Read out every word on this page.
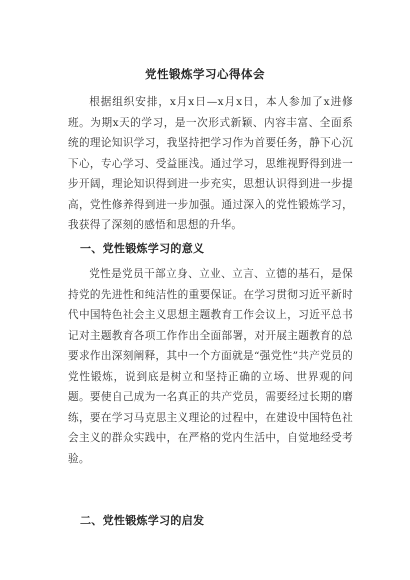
党性锻炼学习心得体会
根据组织安排，x月x日—x月x日，本人参加了x进修班。为期x天的学习，是一次形式新颖、内容丰富、全面系统的理论知识学习，我坚持把学习作为首要任务，静下心沉下心，专心学习、受益匪浅。通过学习，思维视野得到进一步开阔，理论知识得到进一步充实，思想认识得到进一步提高，党性修养得到进一步加强。通过深入的党性锻炼学习，我获得了深刻的感悟和思想的升华。
一、党性锻炼学习的意义
党性是党员干部立身、立业、立言、立德的基石，是保持党的先进性和纯洁性的重要保证。在学习贯彻习近平新时代中国特色社会主义思想主题教育工作会议上，习近平总书记对主题教育各项工作作出全面部署，对开展主题教育的总要求作出深刻阐释，其中一个方面就是“强党性”共产党员的党性锻炼，说到底是树立和坚持正确的立场、世界观的问题。要使自己成为一名真正的共产党员，需要经过长期的磨练，要在学习马克思主义理论的过程中，在建设中国特色社会主义的群众实践中，在严格的党内生活中，自觉地经受考验。
二、党性锻炼学习的启发
